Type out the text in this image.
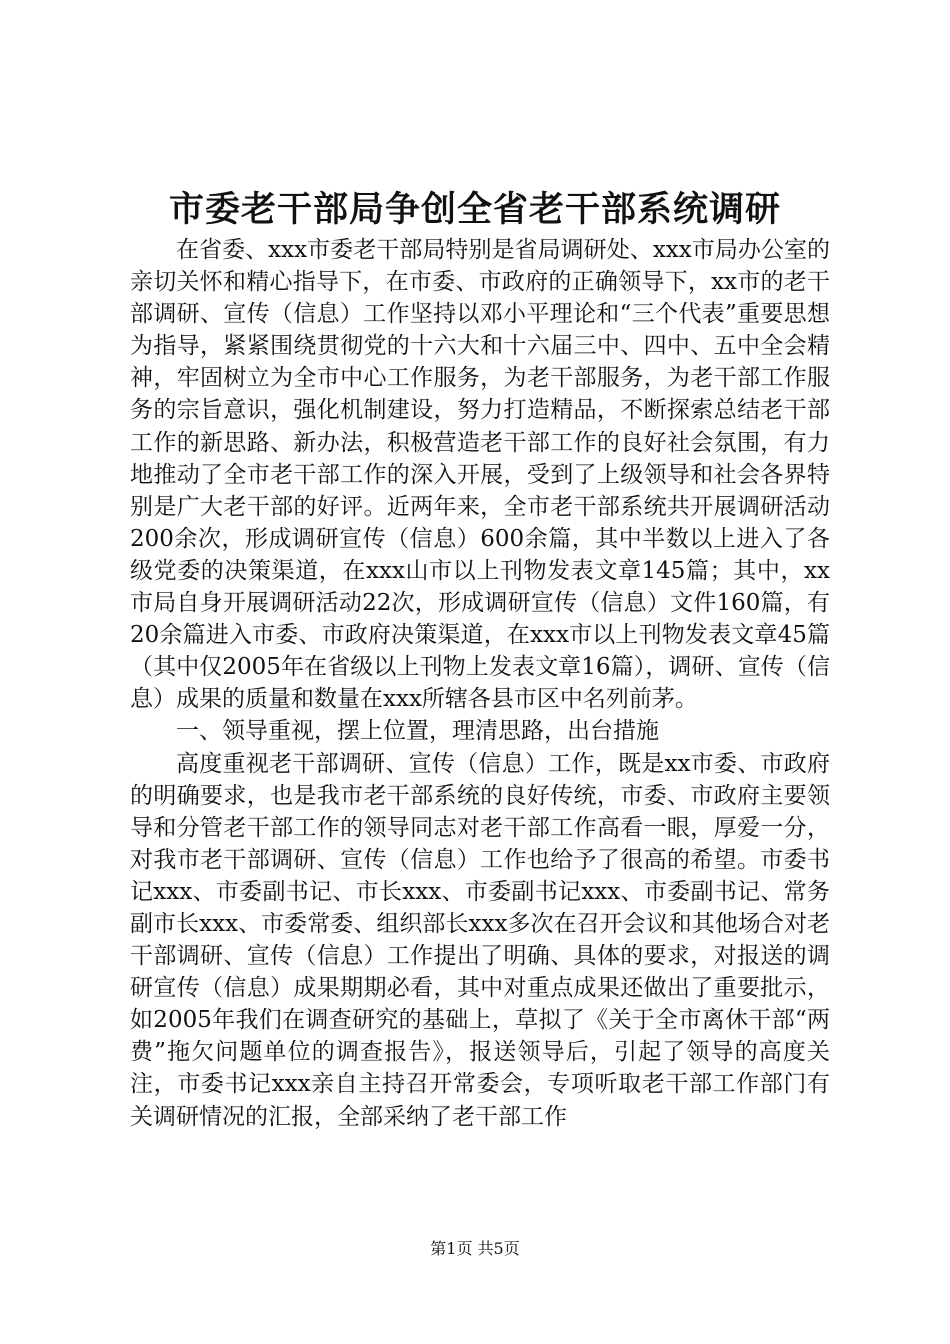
市委老干部局争创全省老干部系统调研

在省委、xxx市委老干部局特别是省局调研处、xxx市局办公室的亲切关怀和精心指导下，在市委、市政府的正确领导下，xx市的老干部调研、宣传（信息）工作坚持以邓小平理论和“三个代表”重要思想为指导，紧紧围绕贯彻党的十六大和十六届三中、四中、五中全会精神，牢固树立为全市中心工作服务，为老干部服务，为老干部工作服务的宗旨意识，强化机制建设，努力打造精品，不断探索总结老干部工作的新思路、新办法，积极营造老干部工作的良好社会氛围，有力地推动了全市老干部工作的深入开展，受到了上级领导和社会各界特别是广大老干部的好评。近两年来，全市老干部系统共开展调研活动200余次，形成调研宣传（信息）600余篇，其中半数以上进入了各级党委的决策渠道，在xxx山市以上刊物发表文章145篇；其中，xx市局自身开展调研活动22次，形成调研宣传（信息）文件160篇，有20余篇进入市委、市政府决策渠道，在xxx市以上刊物发表文章45篇（其中仅2005年在省级以上刊物上发表文章16篇），调研、宣传（信息）成果的质量和数量在xxx所辖各县市区中名列前茅。

一、领导重视，摆上位置，理清思路，出台措施

高度重视老干部调研、宣传（信息）工作，既是xx市委、市政府的明确要求，也是我市老干部系统的良好传统，市委、市政府主要领导和分管老干部工作的领导同志对老干部工作高看一眼，厚爱一分，对我市老干部调研、宣传（信息）工作也给予了很高的希望。市委书记xxx、市委副书记、市长xxx、市委副书记xxx、市委副书记、常务副市长xxx、市委常委、组织部长xxx多次在召开会议和其他场合对老干部调研、宣传（信息）工作提出了明确、具体的要求，对报送的调研宣传（信息）成果期期必看，其中对重点成果还做出了重要批示，如2005年我们在调查研究的基础上，草拟了《关于全市离休干部“两费”拖欠问题单位的调查报告》，报送领导后，引起了领导的高度关注，市委书记xxx亲自主持召开常委会，专项听取老干部工作部门有关调研情况的汇报，全部采纳了老干部工作

第1页 共5页
